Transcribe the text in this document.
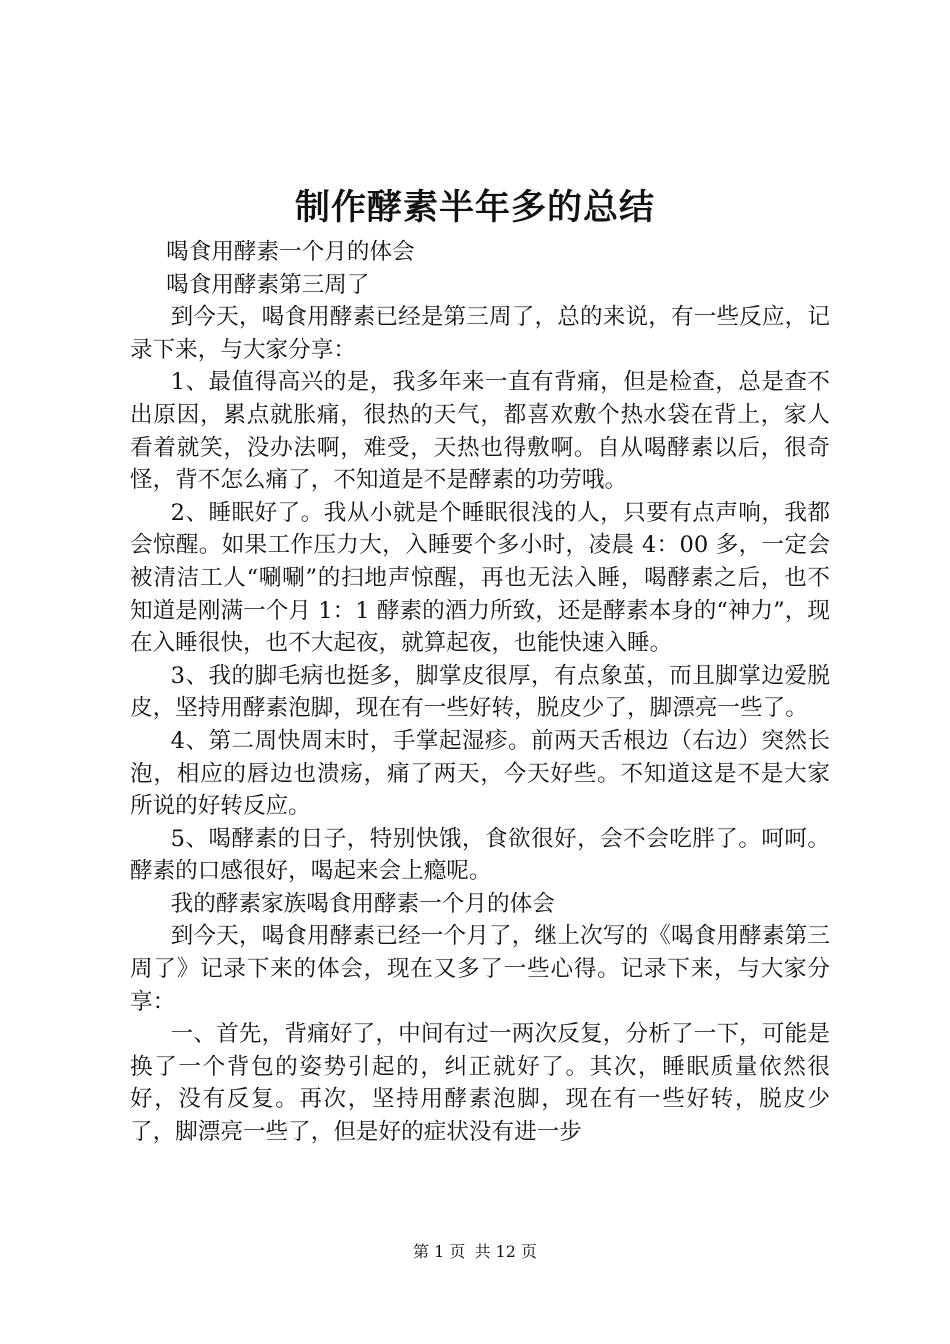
制作酵素半年多的总结

喝食用酵素一个月的体会

喝食用酵素第三周了

到今天，喝食用酵素已经是第三周了，总的来说，有一些反应，记录下来，与大家分享：

1、最值得高兴的是，我多年来一直有背痛，但是检查，总是查不出原因，累点就胀痛，很热的天气，都喜欢敷个热水袋在背上，家人看着就笑，没办法啊，难受，天热也得敷啊。自从喝酵素以后，很奇怪，背不怎么痛了，不知道是不是酵素的功劳哦。

2、睡眠好了。我从小就是个睡眠很浅的人，只要有点声响，我都会惊醒。如果工作压力大，入睡要个多小时，凌晨 4：00 多，一定会被清洁工人“唰唰”的扫地声惊醒，再也无法入睡，喝酵素之后，也不知道是刚满一个月 1：1 酵素的酒力所致，还是酵素本身的“神力”，现在入睡很快，也不大起夜，就算起夜，也能快速入睡。

3、我的脚毛病也挺多，脚掌皮很厚，有点象茧，而且脚掌边爱脱皮，坚持用酵素泡脚，现在有一些好转，脱皮少了，脚漂亮一些了。

4、第二周快周末时，手掌起湿疹。前两天舌根边（右边）突然长泡，相应的唇边也溃疡，痛了两天，今天好些。不知道这是不是大家所说的好转反应。

5、喝酵素的日子，特别快饿，食欲很好，会不会吃胖了。呵呵。酵素的口感很好，喝起来会上瘾呢。

我的酵素家族喝食用酵素一个月的体会

到今天，喝食用酵素已经一个月了，继上次写的《喝食用酵素第三周了》记录下来的体会，现在又多了一些心得。记录下来，与大家分享：

一、首先，背痛好了，中间有过一两次反复，分析了一下，可能是换了一个背包的姿势引起的，纠正就好了。其次，睡眠质量依然很好，没有反复。再次，坚持用酵素泡脚，现在有一些好转，脱皮少了，脚漂亮一些了，但是好的症状没有进一步

第 1 页 共 12 页
